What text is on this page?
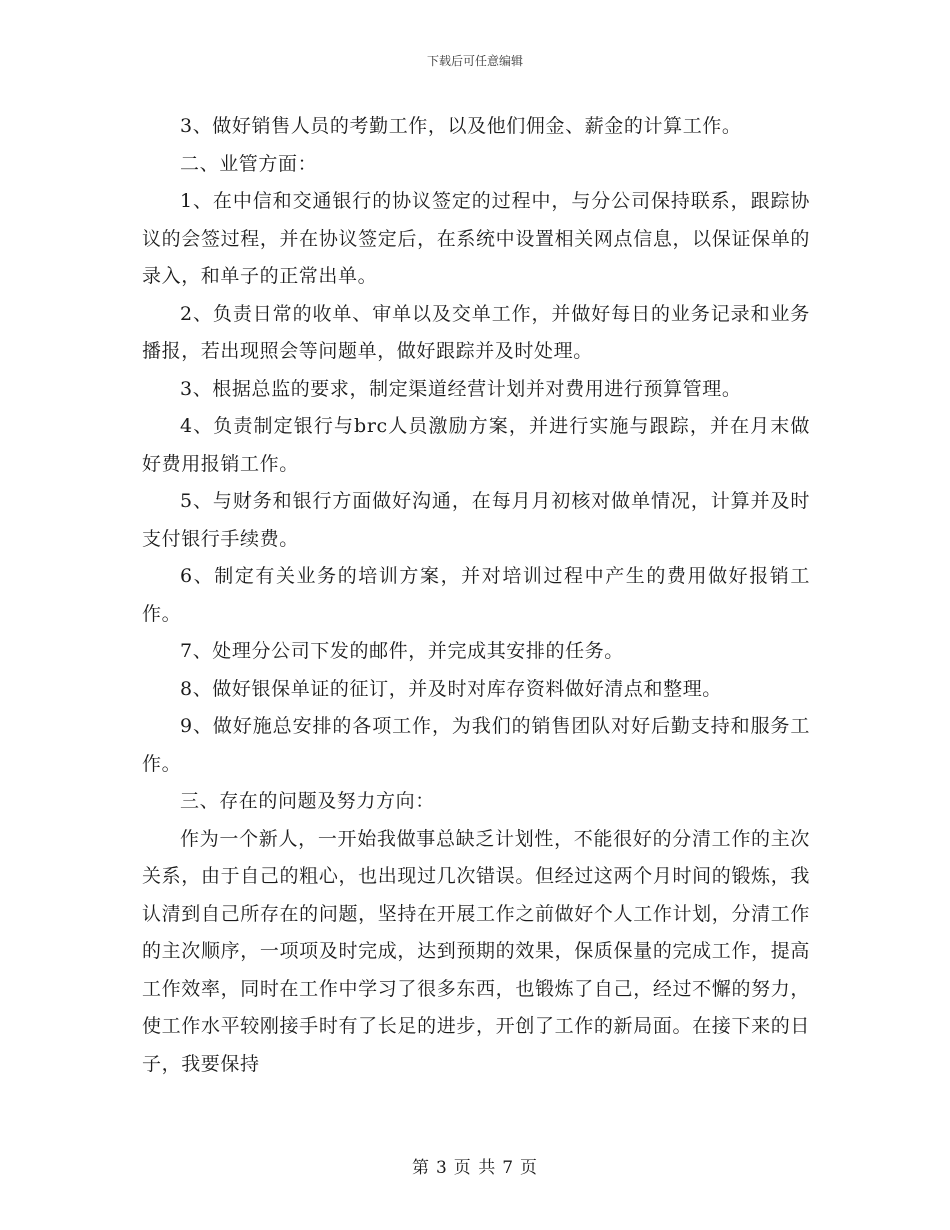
下载后可任意编辑

3、做好销售人员的考勤工作，以及他们佣金、薪金的计算工作。

二、业管方面：

1、在中信和交通银行的协议签定的过程中，与分公司保持联系，跟踪协议的会签过程，并在协议签定后，在系统中设置相关网点信息，以保证保单的录入，和单子的正常出单。

2、负责日常的收单、审单以及交单工作，并做好每日的业务记录和业务播报，若出现照会等问题单，做好跟踪并及时处理。

3、根据总监的要求，制定渠道经营计划并对费用进行预算管理。

4、负责制定银行与brc人员激励方案，并进行实施与跟踪，并在月末做好费用报销工作。

5、与财务和银行方面做好沟通，在每月月初核对做单情况，计算并及时支付银行手续费。

6、制定有关业务的培训方案，并对培训过程中产生的费用做好报销工作。

7、处理分公司下发的邮件，并完成其安排的任务。

8、做好银保单证的征订，并及时对库存资料做好清点和整理。

9、做好施总安排的各项工作，为我们的销售团队对好后勤支持和服务工作。

三、存在的问题及努力方向：

作为一个新人，一开始我做事总缺乏计划性，不能很好的分清工作的主次关系，由于自己的粗心，也出现过几次错误。但经过这两个月时间的锻炼，我认清到自己所存在的问题，坚持在开展工作之前做好个人工作计划，分清工作的主次顺序，一项项及时完成，达到预期的效果，保质保量的完成工作，提高工作效率，同时在工作中学习了很多东西，也锻炼了自己，经过不懈的努力，使工作水平较刚接手时有了长足的进步，开创了工作的新局面。在接下来的日子，我要保持

第 3 页 共 7 页
